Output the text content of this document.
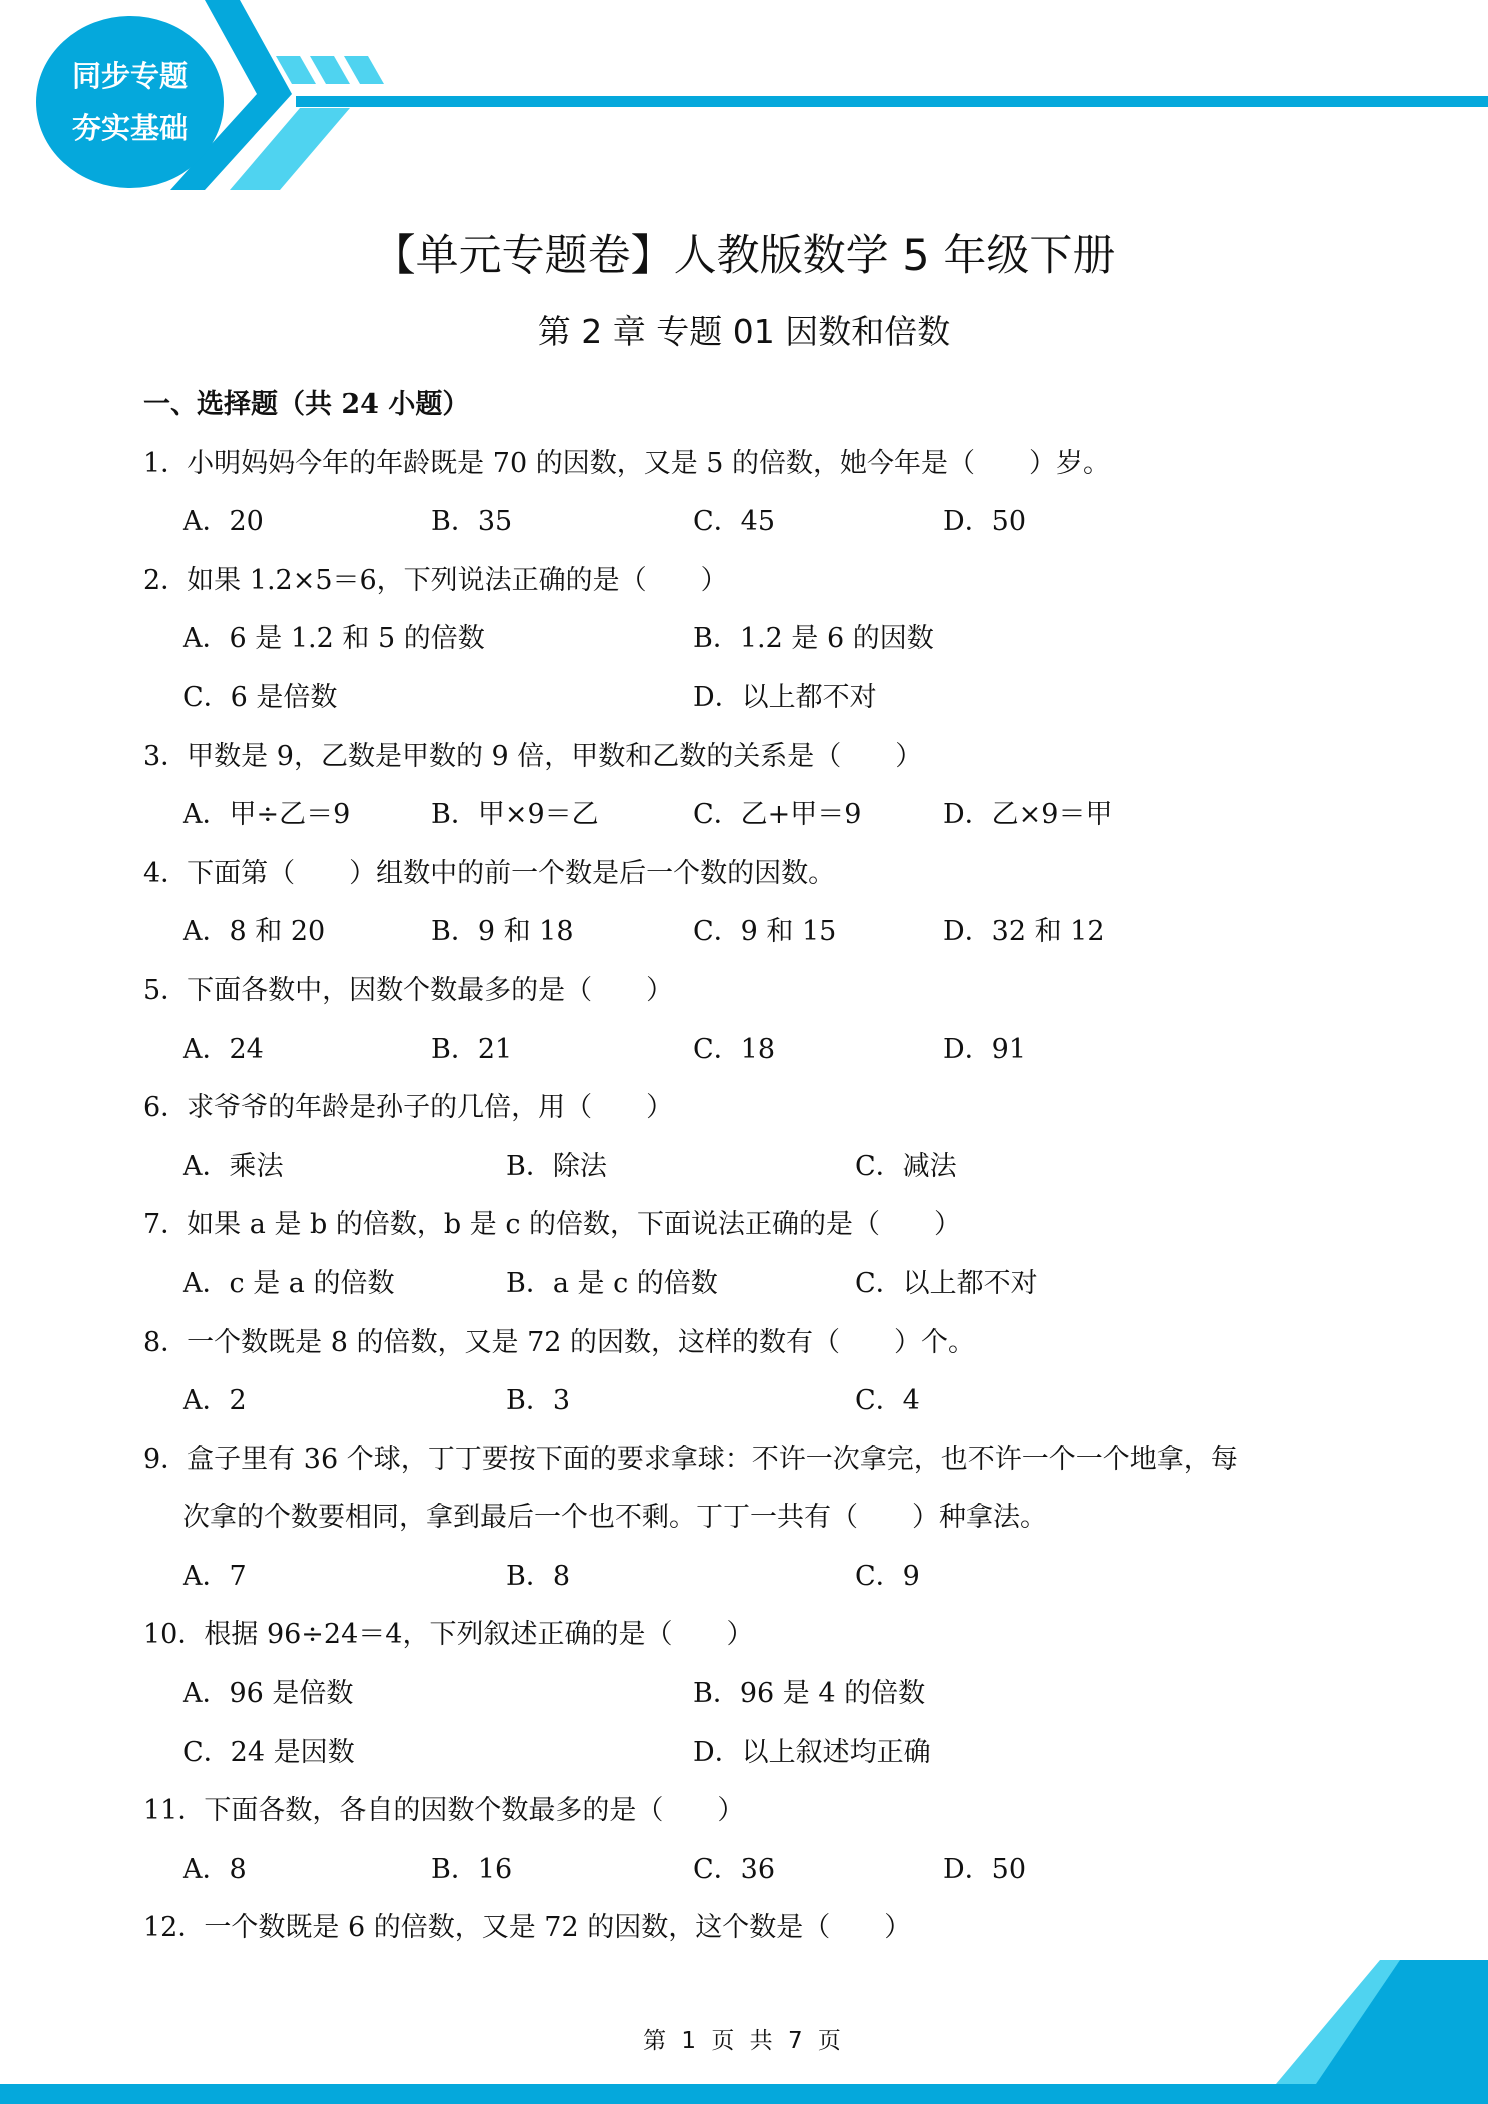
同步专题
夯实基础
【单元专题卷】人教版数学 5 年级下册
第 2 章 专题 01 因数和倍数
一、选择题（共 24 小题）
1．小明妈妈今年的年龄既是 70 的因数，又是 5 的倍数，她今年是（　　）岁。
A．20	B．35	C．45	D．50
2．如果 1.2×5＝6，下列说法正确的是（　　）
A．6 是 1.2 和 5 的倍数	B．1.2 是 6 的因数
C．6 是倍数	D．以上都不对
3．甲数是 9，乙数是甲数的 9 倍，甲数和乙数的关系是（　　）
A．甲÷乙＝9	B．甲×9＝乙	C．乙+甲＝9	D．乙×9＝甲
4．下面第（　　）组数中的前一个数是后一个数的因数。
A．8 和 20	B．9 和 18	C．9 和 15	D．32 和 12
5．下面各数中，因数个数最多的是（　　）
A．24	B．21	C．18	D．91
6．求爷爷的年龄是孙子的几倍，用（　　）
A．乘法	B．除法	C．减法
7．如果 a 是 b 的倍数，b 是 c 的倍数，下面说法正确的是（　　）
A．c 是 a 的倍数	B．a 是 c 的倍数	C．以上都不对
8．一个数既是 8 的倍数，又是 72 的因数，这样的数有（　　）个。
A．2	B．3	C．4
9．盒子里有 36 个球，丁丁要按下面的要求拿球：不许一次拿完，也不许一个一个地拿，每
次拿的个数要相同，拿到最后一个也不剩。丁丁一共有（　　）种拿法。
A．7	B．8	C．9
10．根据 96÷24＝4，下列叙述正确的是（　　）
A．96 是倍数	B．96 是 4 的倍数
C．24 是因数	D．以上叙述均正确
11．下面各数，各自的因数个数最多的是（　　）
A．8	B．16	C．36	D．50
12．一个数既是 6 的倍数，又是 72 的因数，这个数是（　　）
第 1 页 共 7 页
